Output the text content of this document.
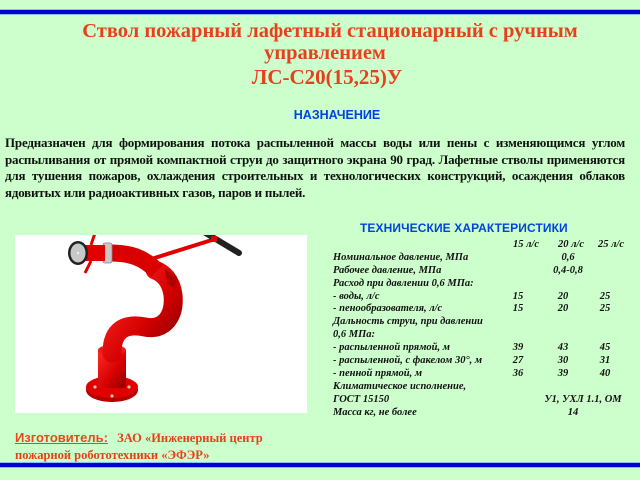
Ствол пожарный лафетный стационарный с ручным
управлением
ЛС-С20(15,25)У
НАЗНАЧЕНИЕ
Предназначен для формирования потока распыленной массы воды или пены с изменяющимся углом распыливания от прямой компактной струи до защитного экрана 90 град. Лафетные стволы применяются для тушения пожаров, охлаждения строительных и технологических конструкций, осаждения облаков ядовитых или радиоактивных газов, паров и пылей.
ТЕХНИЧЕСКИЕ ХАРАКТЕРИСТИКИ
15 л/с 20 л/с 25 л/с
Номинальное давление, МПа	0,6
Рабочее давление, МПа	0,4-0,8
Расход при давлении 0,6 МПа:
- воды, л/с	15	20	25
- пенообразователя, л/с	15	20	25
Дальность струи, при давлении
0,6 МПа:
- распыленной прямой, м	39	43	45
- распыленной, с факелом 30°, м	27	30	31
- пенной прямой, м	36	39	40
Климатическое исполнение,
ГОСТ 15150	У1, УХЛ 1.1, ОМ
Масса кг, не более	14
Изготовитель: ЗАО «Инженерный центр
пожарной робототехники «ЭФЭР»
